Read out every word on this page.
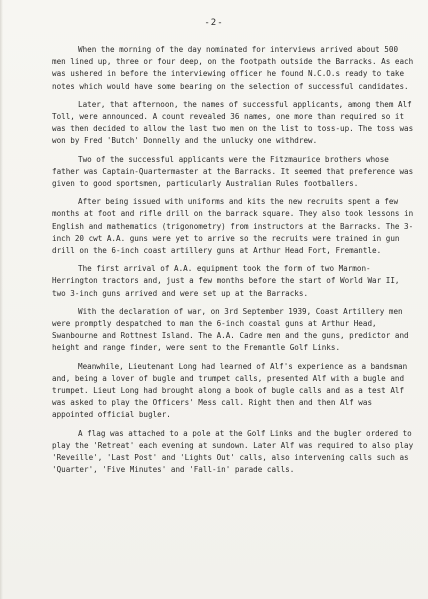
-2-

When the morning of the day nominated for interviews arrived about 500 men lined up, three or four deep, on the footpath outside the Barracks. As each was ushered in before the interviewing officer he found N.C.O.s ready to take notes which would have some bearing on the selection of successful candidates.

Later, that afternoon, the names of successful applicants, among them Alf Toll, were announced. A count revealed 36 names, one more than required so it was then decided to allow the last two men on the list to toss-up. The toss was won by Fred 'Butch' Donnelly and the unlucky one withdrew.

Two of the successful applicants were the Fitzmaurice brothers whose father was Captain-Quartermaster at the Barracks. It seemed that preference was given to good sportsmen, particularly Australian Rules footballers.

After being issued with uniforms and kits the new recruits spent a few months at foot and rifle drill on the barrack square. They also took lessons in English and mathematics (trigonometry) from instructors at the Barracks. The 3-inch 20 cwt A.A. guns were yet to arrive so the recruits were trained in gun drill on the 6-inch coast artillery guns at Arthur Head Fort, Fremantle.

The first arrival of A.A. equipment took the form of two Marmon-Herrington tractors and, just a few months before the start of World War II, two 3-inch guns arrived and were set up at the Barracks.

With the declaration of war, on 3rd September 1939, Coast Artillery men were promptly despatched to man the 6-inch coastal guns at Arthur Head, Swanbourne and Rottnest Island. The A.A. Cadre men and the guns, predictor and height and range finder, were sent to the Fremantle Golf Links.

Meanwhile, Lieutenant Long had learned of Alf's experience as a bandsman and, being a lover of bugle and trumpet calls, presented Alf with a bugle and trumpet. Lieut Long had brought along a book of bugle calls and as a test Alf was asked to play the Officers' Mess call. Right then and then Alf was appointed official bugler.

A flag was attached to a pole at the Golf Links and the bugler ordered to play the 'Retreat' each evening at sundown. Later Alf was required to also play 'Reveille', 'Last Post' and 'Lights Out' calls, also intervening calls such as 'Quarter', 'Five Minutes' and 'Fall-in' parade calls.
